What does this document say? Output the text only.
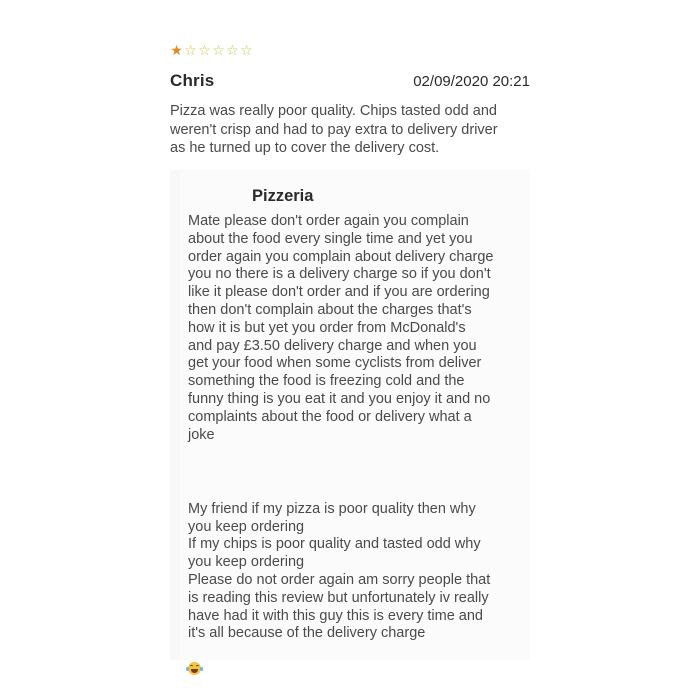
★ ☆ ☆ ☆ ☆ ☆
Chris	02/09/2020 20:21
Pizza was really poor quality. Chips tasted odd and
weren't crisp and had to pay extra to delivery driver
as he turned up to cover the delivery cost.
Pizzeria
Mate please don't order again you complain
about the food every single time and yet you
order again you complain about delivery charge
you no there is a delivery charge so if you don't
like it please don't order and if you are ordering
then don't complain about the charges that's
how it is but yet you order from McDonald's
and pay £3.50 delivery charge and when you
get your food when some cyclists from deliver
something the food is freezing cold and the
funny thing is you eat it and you enjoy it and no
complaints about the food or delivery what a
joke

My friend if my pizza is poor quality then why
you keep ordering
If my chips is poor quality and tasted odd why
you keep ordering
Please do not order again am sorry people that
is reading this review but unfortunately iv really
have had it with this guy this is every time and
it's all because of the delivery charge
